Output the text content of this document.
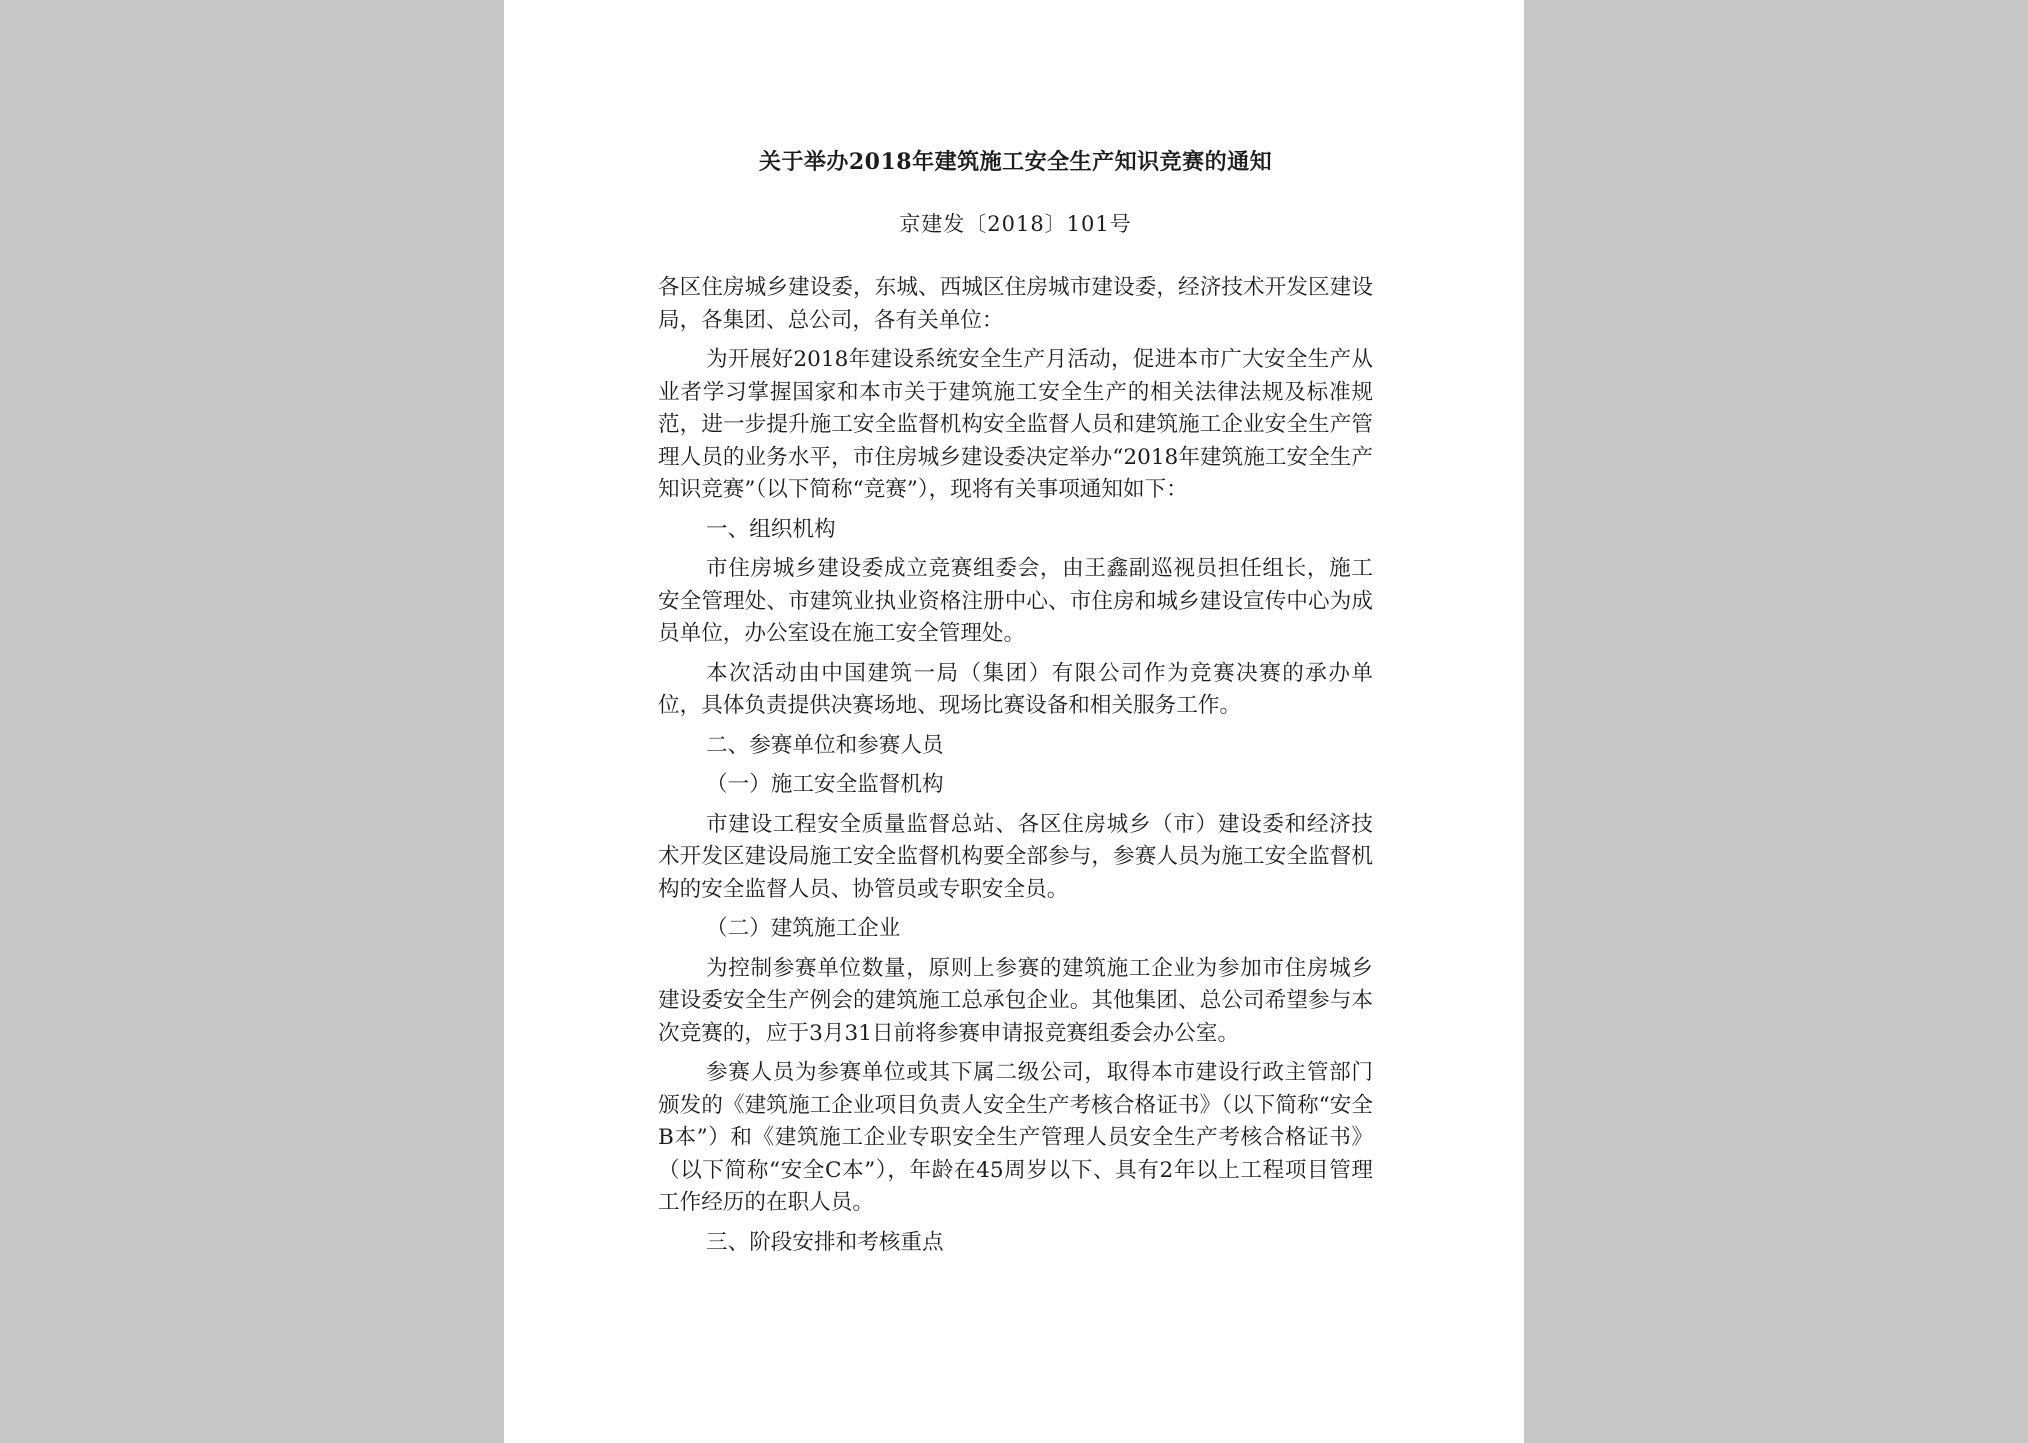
关于举办2018年建筑施工安全生产知识竞赛的通知

京建发〔2018〕101号

各区住房城乡建设委，东城、西城区住房城市建设委，经济技术开发区建设局，各集团、总公司，各有关单位：

为开展好2018年建设系统安全生产月活动，促进本市广大安全生产从业者学习掌握国家和本市关于建筑施工安全生产的相关法律法规及标准规范，进一步提升施工安全监督机构安全监督人员和建筑施工企业安全生产管理人员的业务水平，市住房城乡建设委决定举办“2018年建筑施工安全生产知识竞赛”（以下简称“竞赛”），现将有关事项通知如下：

一、组织机构

市住房城乡建设委成立竞赛组委会，由王鑫副巡视员担任组长，施工安全管理处、市建筑业执业资格注册中心、市住房和城乡建设宣传中心为成员单位，办公室设在施工安全管理处。

本次活动由中国建筑一局（集团）有限公司作为竞赛决赛的承办单位，具体负责提供决赛场地、现场比赛设备和相关服务工作。

二、参赛单位和参赛人员

（一）施工安全监督机构

市建设工程安全质量监督总站、各区住房城乡（市）建设委和经济技术开发区建设局施工安全监督机构要全部参与，参赛人员为施工安全监督机构的安全监督人员、协管员或专职安全员。

（二）建筑施工企业

为控制参赛单位数量，原则上参赛的建筑施工企业为参加市住房城乡建设委安全生产例会的建筑施工总承包企业。其他集团、总公司希望参与本次竞赛的，应于3月31日前将参赛申请报竞赛组委会办公室。

参赛人员为参赛单位或其下属二级公司，取得本市建设行政主管部门颁发的《建筑施工企业项目负责人安全生产考核合格证书》（以下简称“安全B本”）和《建筑施工企业专职安全生产管理人员安全生产考核合格证书》（以下简称“安全C本”），年龄在45周岁以下、具有2年以上工程项目管理工作经历的在职人员。

三、阶段安排和考核重点
